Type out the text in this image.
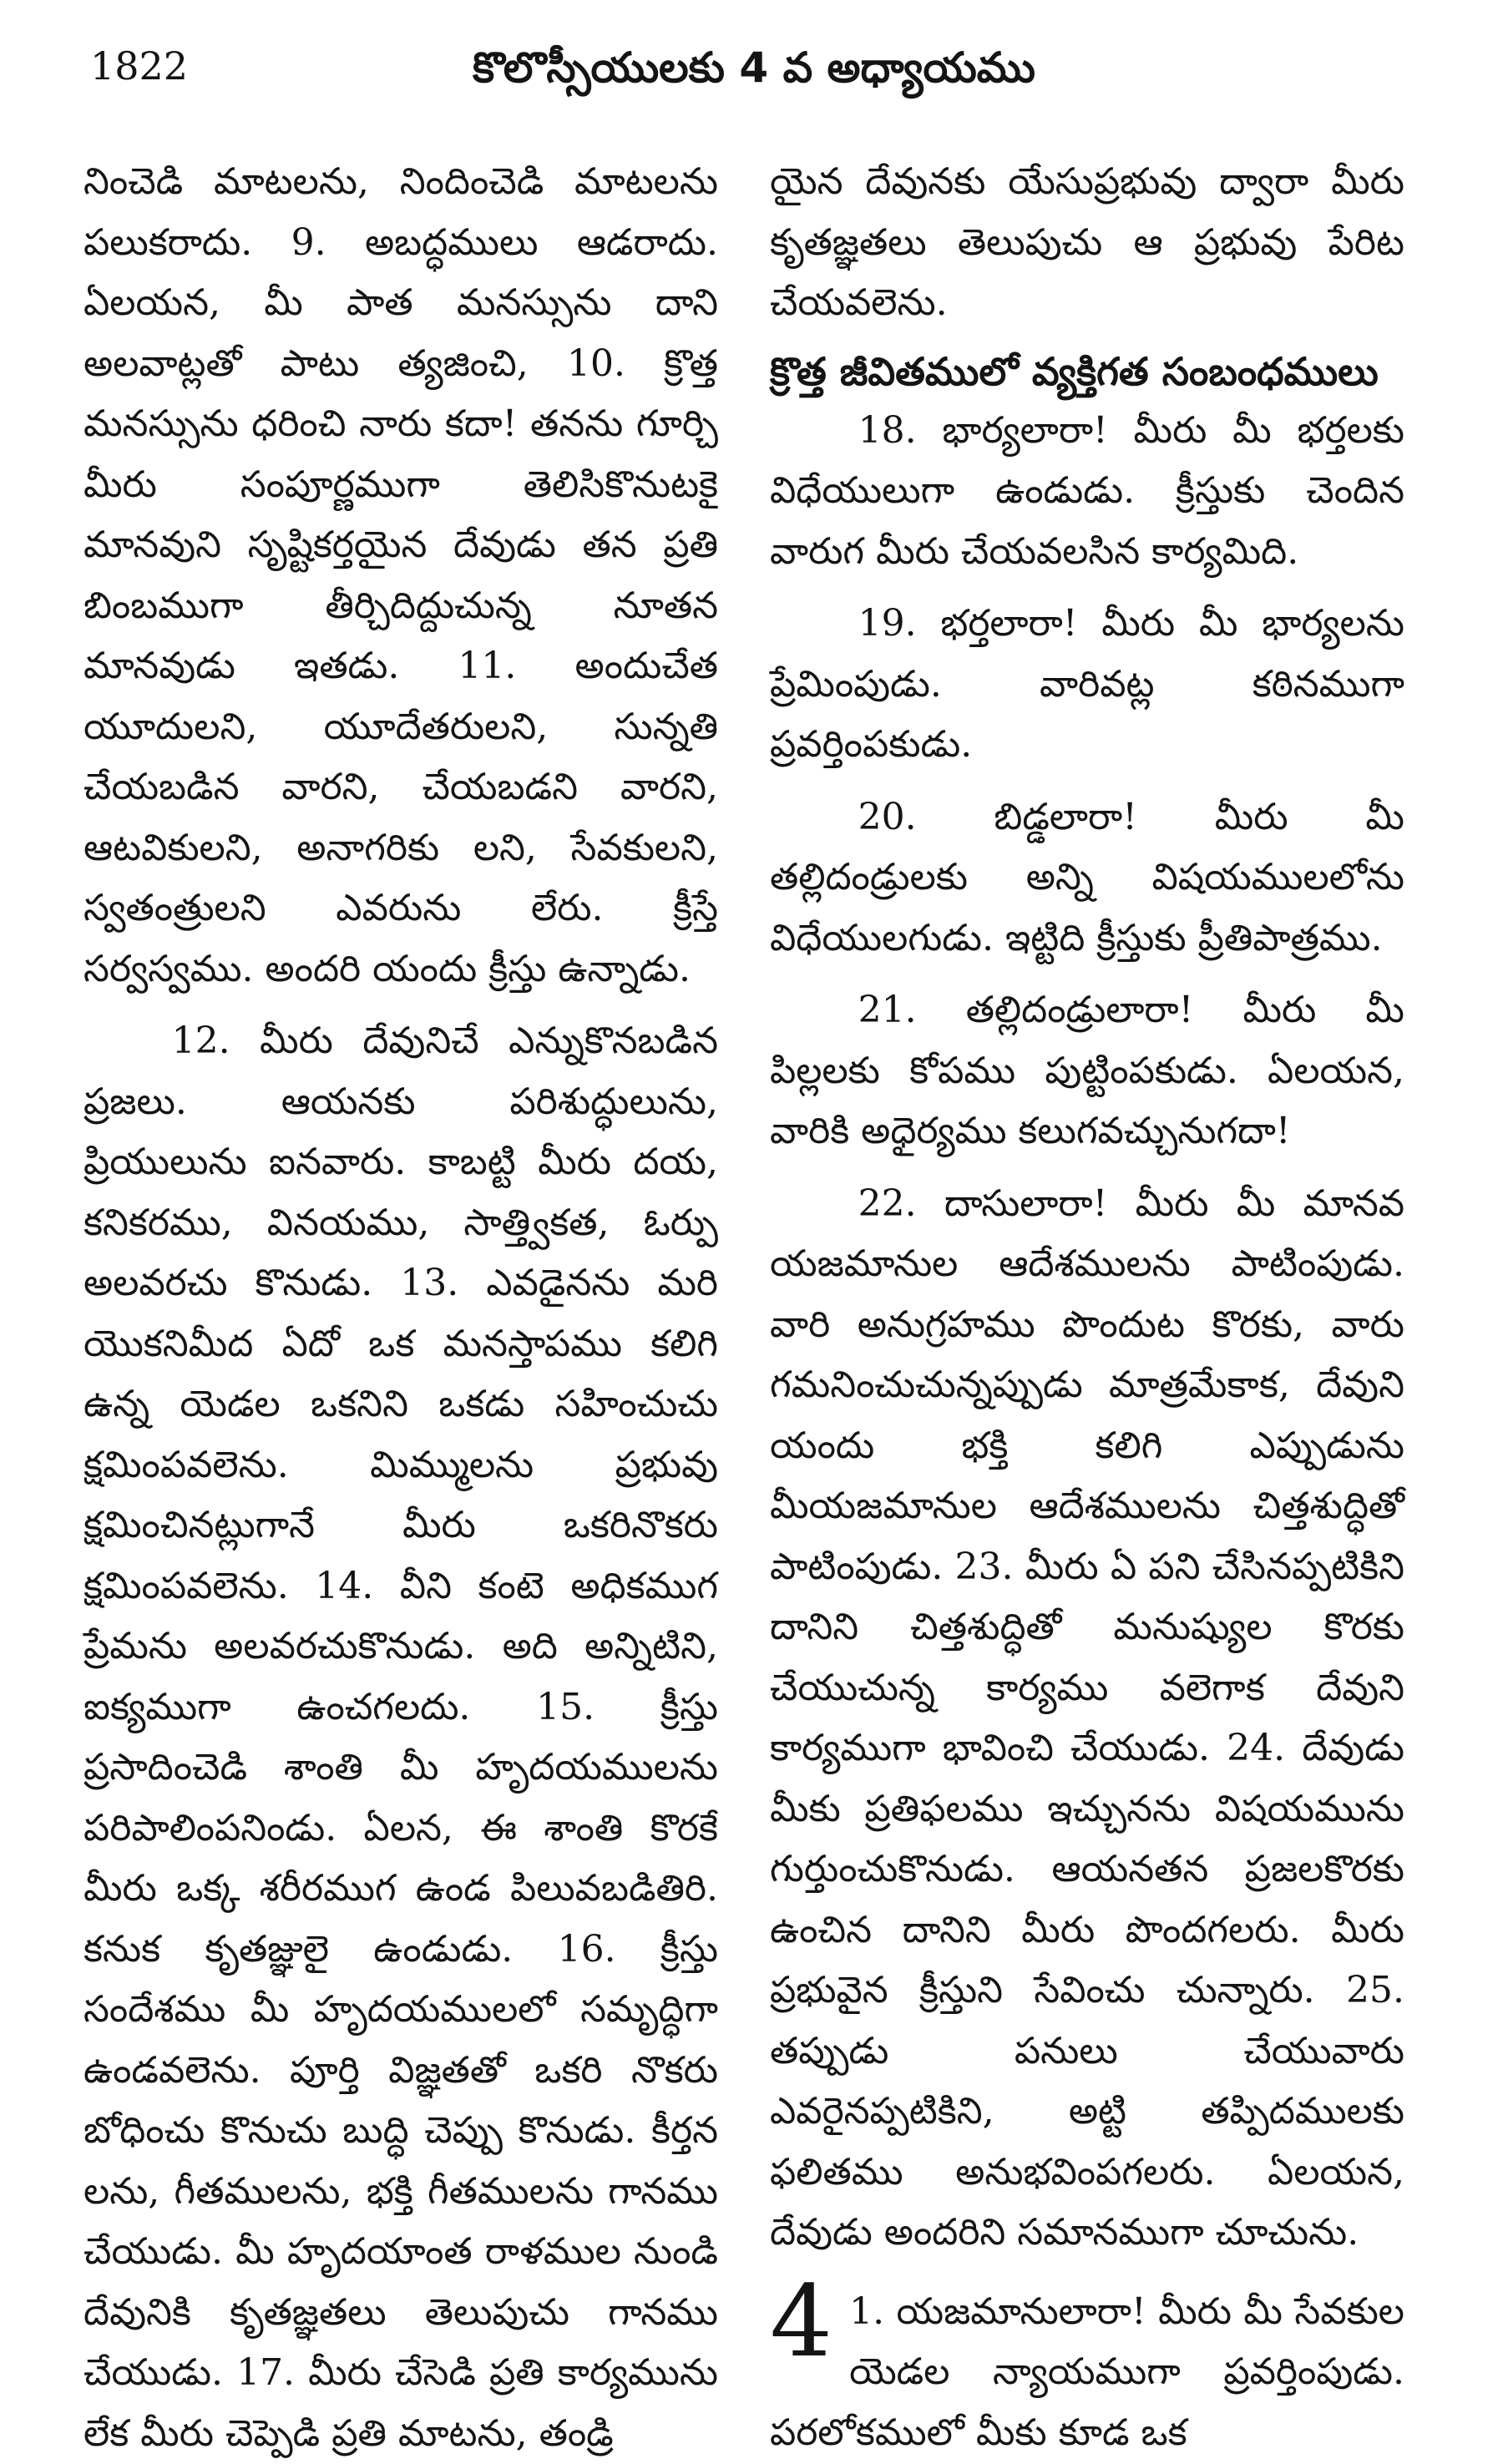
1822	కొలొస్సీయులకు 4 వ అధ్యాయము

నించెడి మాటలను, నిందించెడి మాటలను పలుకరాదు. 9. అబద్ధములు ఆడరాదు. ఏలయన, మీ పాత మనస్సును దాని అలవాట్లతో పాటు త్యజించి, 10. క్రొత్త మనస్సును ధరించి నారు కదా! తనను గూర్చి మీరు సంపూర్ణముగా తెలిసికొనుటకై మానవుని సృష్టికర్తయైన దేవుడు తన ప్రతి బింబముగా తీర్చిదిద్దుచున్న నూతన మానవుడు ఇతడు. 11. అందుచేత యూదులని, యూదేతరులని, సున్నతి చేయబడిన వారని, చేయబడని వారని, ఆటవికులని, అనాగరికు లని, సేవకులని, స్వతంత్రులని ఎవరును లేరు. క్రీస్తే సర్వస్వము. అందరి యందు క్రీస్తు ఉన్నాడు.

12. మీరు దేవునిచే ఎన్నుకొనబడిన ప్రజలు. ఆయనకు పరిశుద్ధులును, ప్రియులును ఐనవారు. కాబట్టి మీరు దయ, కనికరము, వినయము, సాత్త్వికత, ఓర్పు అలవరచు కొనుడు. 13. ఎవడైనను మరి యొకనిమీద ఏదో ఒక మనస్తాపము కలిగి ఉన్న యెడల ఒకనిని ఒకడు సహించుచు క్షమింపవలెను. మిమ్ములను ప్రభువు క్షమించినట్లుగానే మీరు ఒకరినొకరు క్షమింపవలెను. 14. వీని కంటె అధికముగ ప్రేమను అలవరచుకొనుడు. అది అన్నిటిని, ఐక్యముగా ఉంచగలదు. 15. క్రీస్తు ప్రసాదించెడి శాంతి మీ హృదయములను పరిపాలింపనిండు. ఏలన, ఈ శాంతి కొరకే మీరు ఒక్క శరీరముగ ఉండ పిలువబడితిరి. కనుక కృతజ్ఞులై ఉండుడు. 16. క్రీస్తు సందేశము మీ హృదయములలో సమృద్ధిగా ఉండవలెను. పూర్తి విజ్ఞతతో ఒకరి నొకరు బోధించు కొనుచు బుద్ధి చెప్పు కొనుడు. కీర్తన లను, గీతములను, భక్తి గీతములను గానము చేయుడు. మీ హృదయాంత రాళముల నుండి దేవునికి కృతజ్ఞతలు తెలుపుచు గానము చేయుడు. 17. మీరు చేసెడి ప్రతి కార్యమును లేక మీరు చెప్పెడి ప్రతి మాటను, తండ్రి

యైన దేవునకు యేసుప్రభువు ద్వారా మీరు కృతజ్ఞతలు తెలుపుచు ఆ ప్రభువు పేరిట చేయవలెను.

క్రొత్త జీవితములో వ్యక్తిగత సంబంధములు

18. భార్యలారా! మీరు మీ భర్తలకు విధేయులుగా ఉండుడు. క్రీస్తుకు చెందిన వారుగ మీరు చేయవలసిన కార్యమిది.

19. భర్తలారా! మీరు మీ భార్యలను ప్రేమింపుడు. వారివట్ల కఠినముగా ప్రవర్తింపకుడు.

20. బిడ్డలారా! మీరు మీ తల్లిదండ్రులకు అన్ని విషయములలోను విధేయులగుడు. ఇట్టిది క్రీస్తుకు ప్రీతిపాత్రము.

21. తల్లిదండ్రులారా! మీరు మీ పిల్లలకు కోపము పుట్టింపకుడు. ఏలయన, వారికి అధైర్యము కలుగవచ్చునుగదా!

22. దాసులారా! మీరు మీ మానవ యజమానుల ఆదేశములను పాటింపుడు. వారి అనుగ్రహము పొందుట కొరకు, వారు గమనించుచున్నప్పుడు మాత్రమేకాక, దేవుని యందు భక్తి కలిగి ఎప్పుడును మీయజమానుల ఆదేశములను చిత్తశుద్ధితో పాటింపుడు. 23. మీరు ఏ పని చేసినప్పటికిని దానిని చిత్తశుద్ధితో మనుష్యుల కొరకు చేయుచున్న కార్యము వలెగాక దేవుని కార్యముగా భావించి చేయుడు. 24. దేవుడు మీకు ప్రతిఫలము ఇచ్చునను విషయమును గుర్తుంచుకొనుడు. ఆయనతన ప్రజలకొరకు ఉంచిన దానిని మీరు పొందగలరు. మీరు ప్రభువైన క్రీస్తుని సేవించు చున్నారు. 25. తప్పుడు పనులు చేయువారు ఎవరైనప్పటికిని, అట్టి తప్పిదములకు ఫలితము అనుభవింపగలరు. ఏలయన, దేవుడు అందరిని సమానముగా చూచును.

4 1. యజమానులారా! మీరు మీ సేవకుల యెడల న్యాయముగా ప్రవర్తింపుడు. పరలోకములో మీకు కూడ ఒక
